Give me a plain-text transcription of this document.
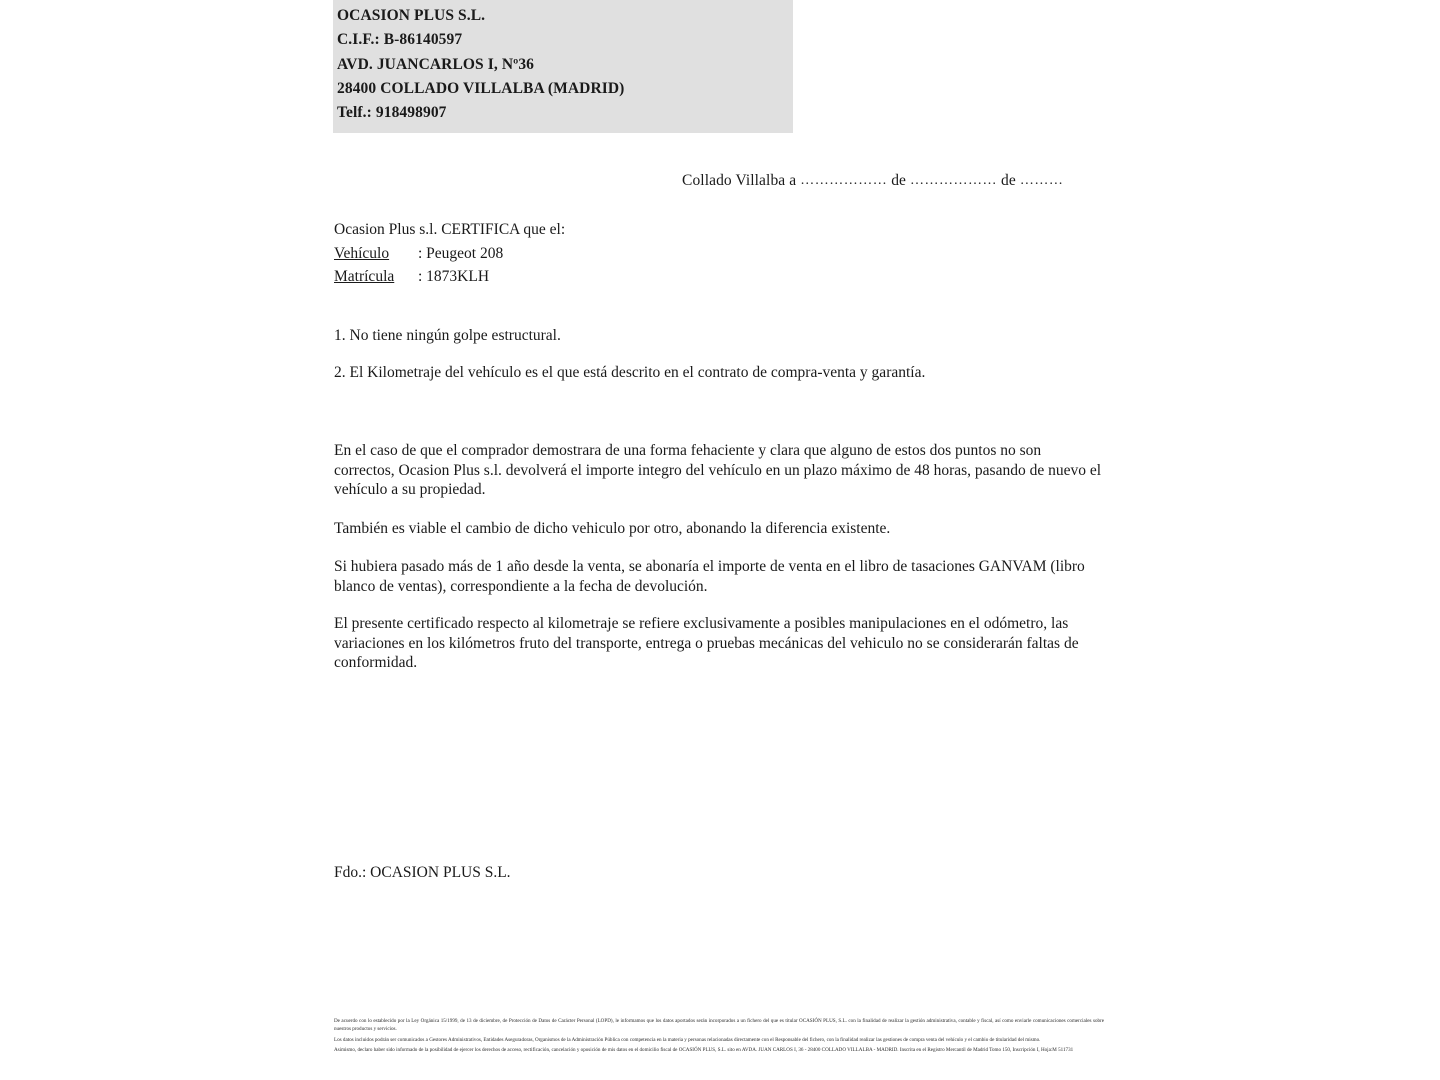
OCASION PLUS S.L.
C.I.F.: B-86140597
AVD. JUANCARLOS I, Nº36
28400 COLLADO VILLALBA (MADRID)
Telf.: 918498907
Collado Villalba a ……………… de ……………… de ………
Ocasion Plus s.l. CERTIFICA que el:
Vehículo : Peugeot 208
Matrícula : 1873KLH
1. No tiene ningún golpe estructural.
2. El Kilometraje del vehículo es el que está descrito en el contrato de compra-venta y garantía.
En el caso de que el comprador demostrara de una forma fehaciente y clara que alguno de estos dos puntos no son correctos, Ocasion Plus s.l. devolverá el importe integro del vehículo en un plazo máximo de 48 horas, pasando de nuevo el vehículo a su propiedad.
También es viable el cambio de dicho vehiculo por otro, abonando la diferencia existente.
Si hubiera pasado más de 1 año desde la venta, se abonaría el importe de venta en el libro de tasaciones GANVAM (libro blanco de ventas), correspondiente a la fecha de devolución.
El presente certificado respecto al kilometraje se refiere exclusivamente a posibles manipulaciones en el odómetro, las variaciones en los kilómetros fruto del transporte, entrega o pruebas mecánicas del vehiculo no se considerarán faltas de conformidad.
Fdo.: OCASION PLUS S.L.

De acuerdo con lo establecido por la Ley Orgánica 15/1999, de 13 de diciembre, de Protección de Datos de Carácter Personal (LOPD), le informamos que los datos aportados serán incorporados a un fichero del que es titular OCASIÓN PLUS, S.L. con la finalidad de realizar la gestión administrativa, contable y fiscal, así como enviarle comunicaciones comerciales sobre nuestros productos y servicios.

Los datos incluidos podrán ser comunicados a Gestores Administrativos, Entidades Aseguradoras, Organismos de la Administración Pública con competencia en la materia y personas relacionadas directamente con el Responsable del fichero, con la finalidad realizar las gestiones de compra venta del vehículo y el cambio de titularidad del mismo.

Asimismo, declaro haber sido informado de la posibilidad de ejercer los derechos de acceso, rectificación, cancelación y oposición de mis datos en el domicilio fiscal de OCASIÓN PLUS, S.L. sito en AVDA. JUAN CARLOS I, 36 - 28400 COLLADO VILLALBA - MADRID. Inscrita en el Registro Mercantil de Madrid Tomo 150, Inscripción I, Hoja:M 511731
